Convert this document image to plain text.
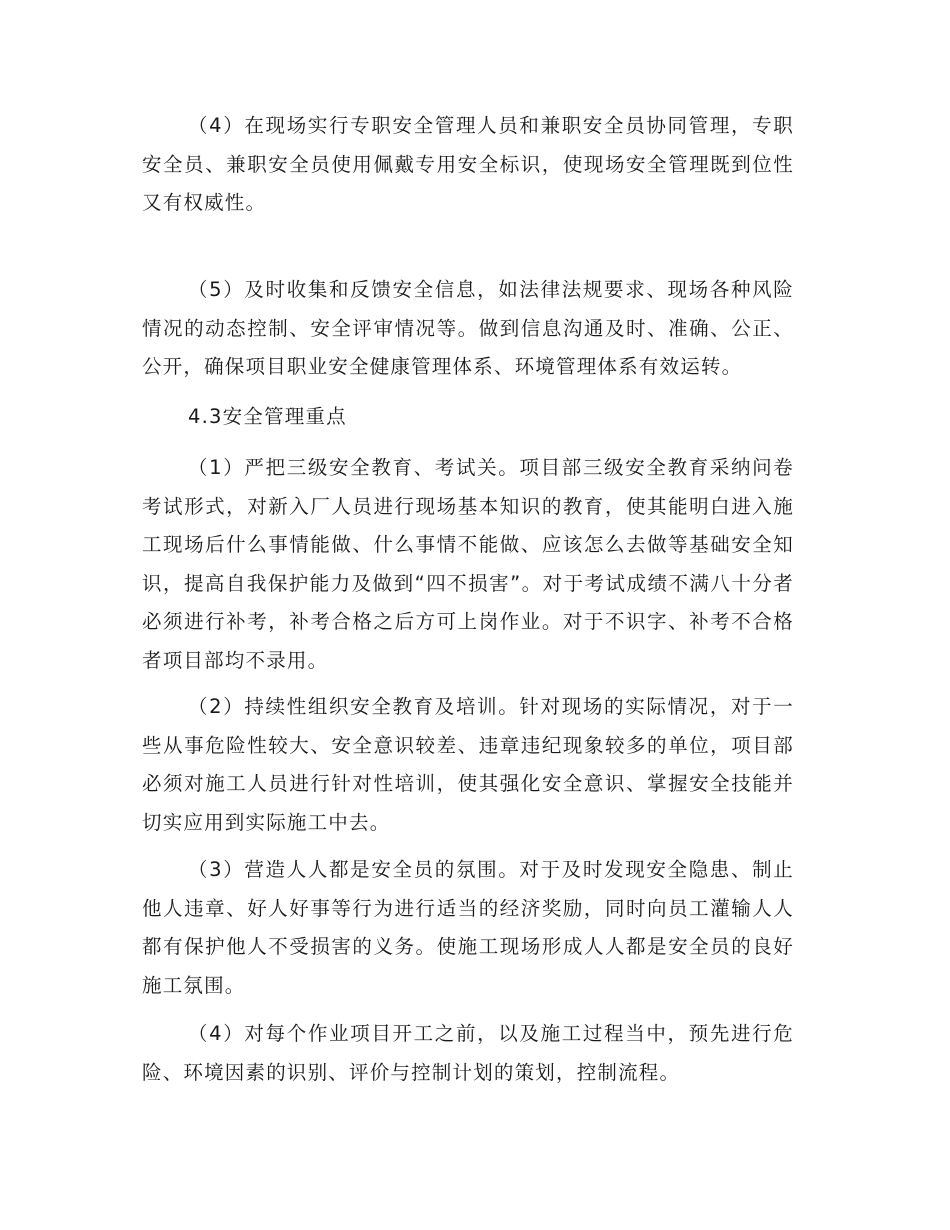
（4）在现场实行专职安全管理人员和兼职安全员协同管理，专职安全员、兼职安全员使用佩戴专用安全标识，使现场安全管理既到位性又有权威性。

（5）及时收集和反馈安全信息，如法律法规要求、现场各种风险情况的动态控制、安全评审情况等。做到信息沟通及时、准确、公正、公开，确保项目职业安全健康管理体系、环境管理体系有效运转。

4.3安全管理重点

（1）严把三级安全教育、考试关。项目部三级安全教育采纳问卷考试形式，对新入厂人员进行现场基本知识的教育，使其能明白进入施工现场后什么事情能做、什么事情不能做、应该怎么去做等基础安全知识，提高自我保护能力及做到“四不损害”。对于考试成绩不满八十分者必须进行补考，补考合格之后方可上岗作业。对于不识字、补考不合格者项目部均不录用。

（2）持续性组织安全教育及培训。针对现场的实际情况，对于一些从事危险性较大、安全意识较差、违章违纪现象较多的单位，项目部必须对施工人员进行针对性培训，使其强化安全意识、掌握安全技能并切实应用到实际施工中去。

（3）营造人人都是安全员的氛围。对于及时发现安全隐患、制止他人违章、好人好事等行为进行适当的经济奖励，同时向员工灌输人人都有保护他人不受损害的义务。使施工现场形成人人都是安全员的良好施工氛围。

（4）对每个作业项目开工之前，以及施工过程当中，预先进行危险、环境因素的识别、评价与控制计划的策划，控制流程。
